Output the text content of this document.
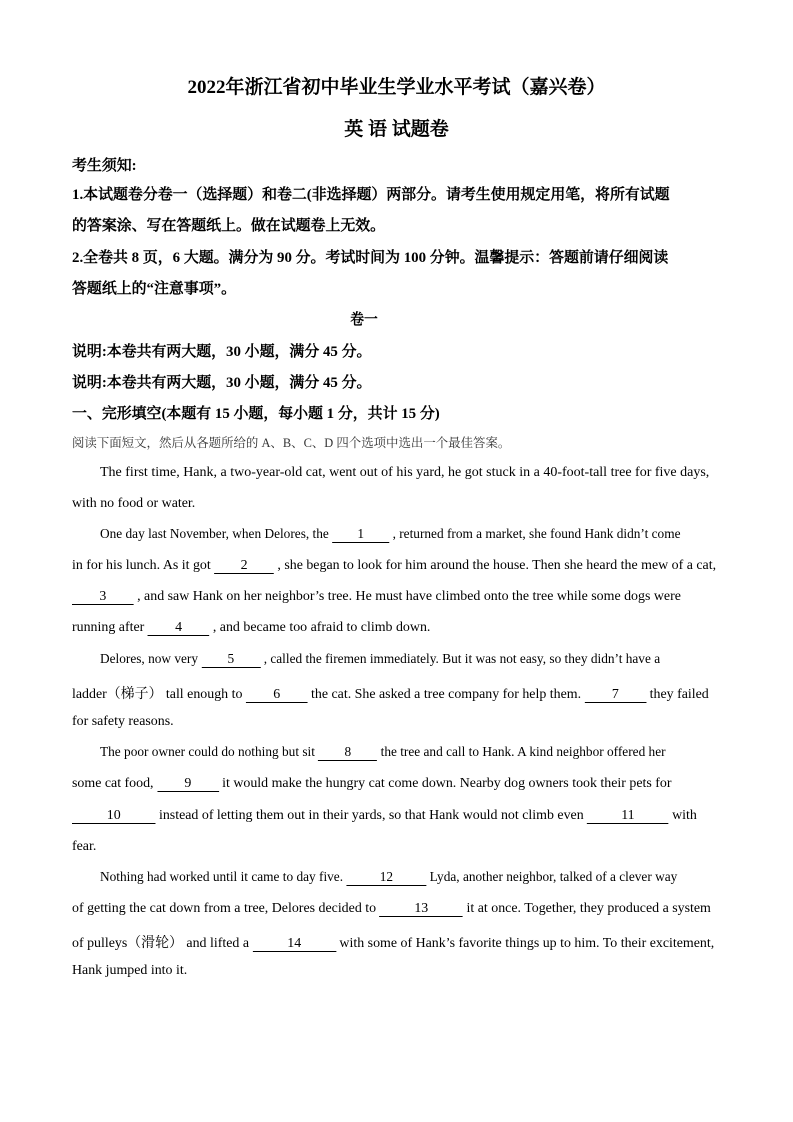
2022年浙江省初中毕业生学业水平考试（嘉兴卷）
英 语 试题卷
考生须知:
1.本试题卷分卷一（选择题）和卷二(非选择题）两部分。请考生使用规定用笔，将所有试题
的答案涂、写在答题纸上。做在试题卷上无效。
2.全卷共 8 页，6 大题。满分为 90 分。考试时间为 100 分钟。温馨提示：答题前请仔细阅读
答题纸上的“注意事项”。
卷一
说明:本卷共有两大题，30 小题，满分 45 分。
说明:本卷共有两大题，30 小题，满分 45 分。
一、完形填空(本题有 15 小题，每小题 1 分，共计 15 分)
阅读下面短文，然后从各题所给的 A、B、C、D 四个选项中选出一个最佳答案。
The first time, Hank, a two-year-old cat, went out of his yard, he got stuck in a 40-foot-tall tree for five days,
with no food or water.
One day last November, when Delores, the 1 , returned from a market, she found Hank didn’t come
in for his lunch. As it got 2 , she began to look for him around the house. Then she heard the mew of a cat,
3 , and saw Hank on her neighbor’s tree. He must have climbed onto the tree while some dogs were
running after 4 , and became too afraid to climb down.
Delores, now very 5 , called the firemen immediately. But it was not easy, so they didn’t have a
ladder（梯子） tall enough to 6 the cat. She asked a tree company for help them. 7 they failed
for safety reasons.
The poor owner could do nothing but sit 8 the tree and call to Hank. A kind neighbor offered her
some cat food, 9 it would make the hungry cat come down. Nearby dog owners took their pets for
10 instead of letting them out in their yards, so that Hank would not climb even 11 with
fear.
Nothing had worked until it came to day five. 12 Lyda, another neighbor, talked of a clever way
of getting the cat down from a tree, Delores decided to 13 it at once. Together, they produced a system
of pulleys（滑轮） and lifted a 14 with some of Hank’s favorite things up to him. To their excitement,
Hank jumped into it.
